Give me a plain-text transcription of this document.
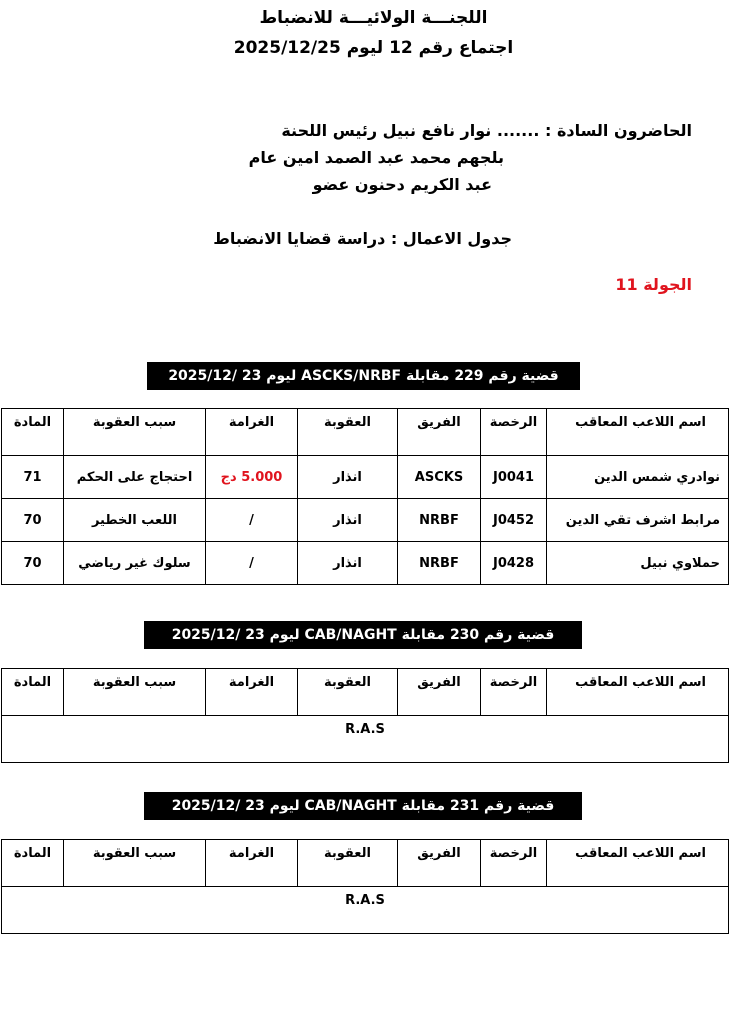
اللجنـــة الولائيـــة للانضباط
اجتماع رقم 12 ليوم 2025/12/25
الحاضرون السادة : ....... نوار نافع نبيل رئيس اللحنة
بلجهم محمد عبد الصمد امين عام
عبد الكريم دحنون عضو
جدول الاعمال : دراسة قضايا الانضباط
الجولة 11
قضية رقم 229 مقابلة ASCKS/NRBF ليوم 23 /2025/12
اسم اللاعب المعاقب	الرخصة	الفريق	العقوبة	الغرامة	سبب العقوبة	المادة
نوادري شمس الدين	J0041	ASCKS	انذار	5.000 دج	احتجاج على الحكم	71
مرابط اشرف تقي الدين	J0452	NRBF	انذار	/	اللعب الخطير	70
حملاوي نبيل	J0428	NRBF	انذار	/	سلوك غير رياضي	70
قضية رقم 230 مقابلة CAB/NAGHT ليوم 23 /2025/12
اسم اللاعب المعاقب	الرخصة	الفريق	العقوبة	الغرامة	سبب العقوبة	المادة
R.A.S
قضية رقم 231 مقابلة CAB/NAGHT ليوم 23 /2025/12
اسم اللاعب المعاقب	الرخصة	الفريق	العقوبة	الغرامة	سبب العقوبة	المادة
R.A.S
